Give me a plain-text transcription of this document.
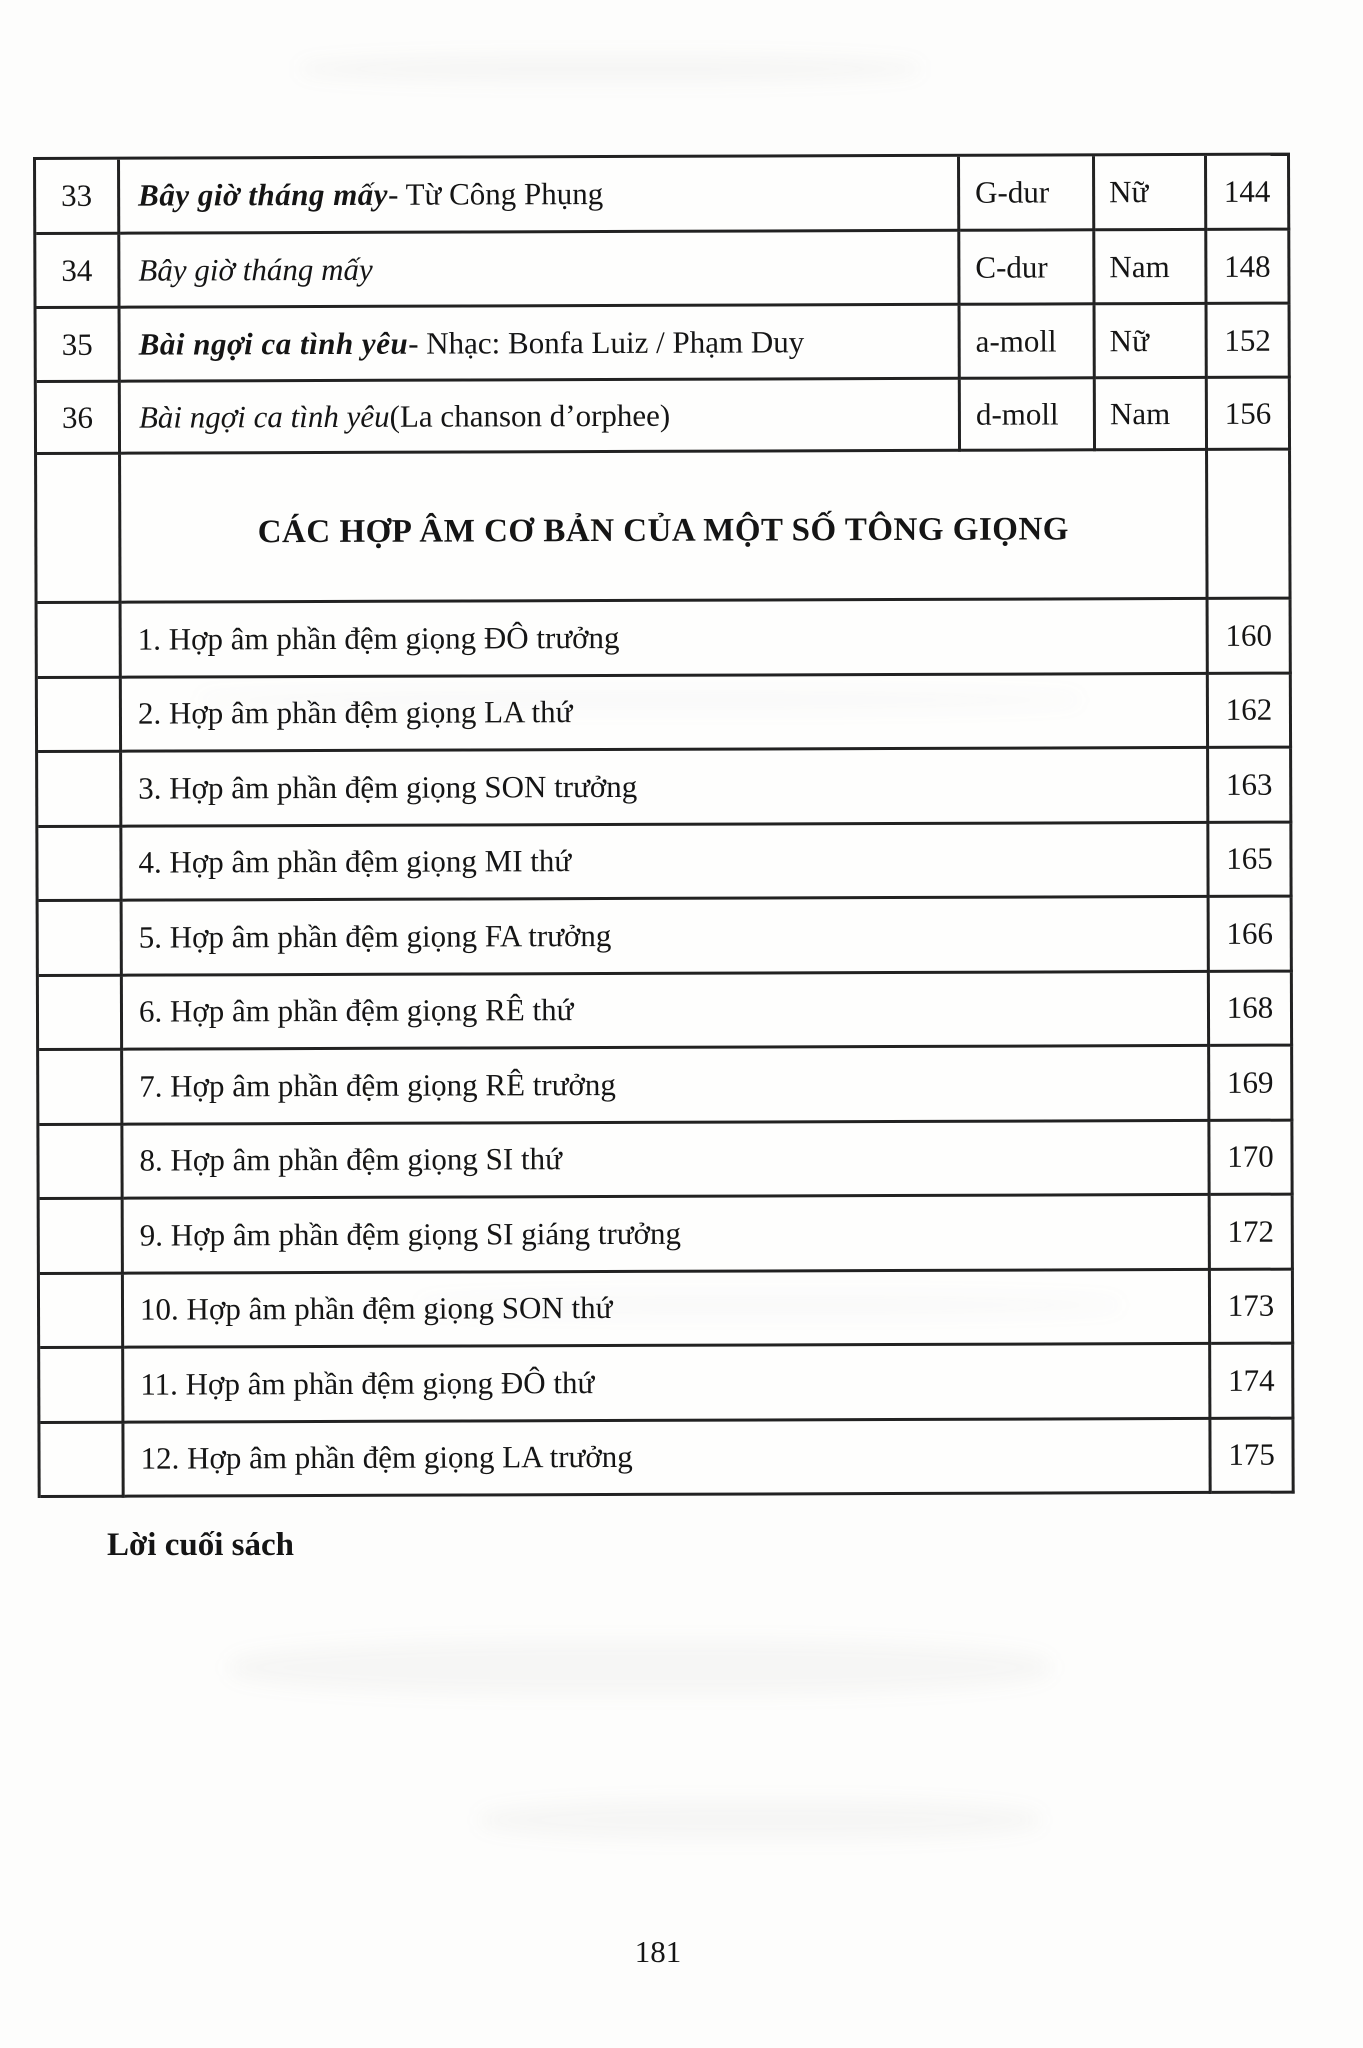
33	Bây giờ tháng mấy - Từ Công Phụng	G-dur	Nữ	144
34	Bây giờ tháng mấy	C-dur	Nam	148
35	Bài ngợi ca tình yêu - Nhạc: Bonfa Luiz / Phạm Duy	a-moll	Nữ	152
36	Bài ngợi ca tình yêu (La chanson d’orphee)	d-moll	Nam	156
CÁC HỢP ÂM CƠ BẢN CỦA MỘT SỐ TÔNG GIỌNG
1. Hợp âm phần đệm giọng ĐÔ trưởng	160
2. Hợp âm phần đệm giọng LA thứ	162
3. Hợp âm phần đệm giọng SON trưởng	163
4. Hợp âm phần đệm giọng MI thứ	165
5. Hợp âm phần đệm giọng FA trưởng	166
6. Hợp âm phần đệm giọng RÊ thứ	168
7. Hợp âm phần đệm giọng RÊ trưởng	169
8. Hợp âm phần đệm giọng SI thứ	170
9. Hợp âm phần đệm giọng SI giáng trưởng	172
10. Hợp âm phần đệm giọng SON thứ	173
11. Hợp âm phần đệm giọng ĐÔ thứ	174
12. Hợp âm phần đệm giọng LA trưởng	175
Lời cuối sách
181
